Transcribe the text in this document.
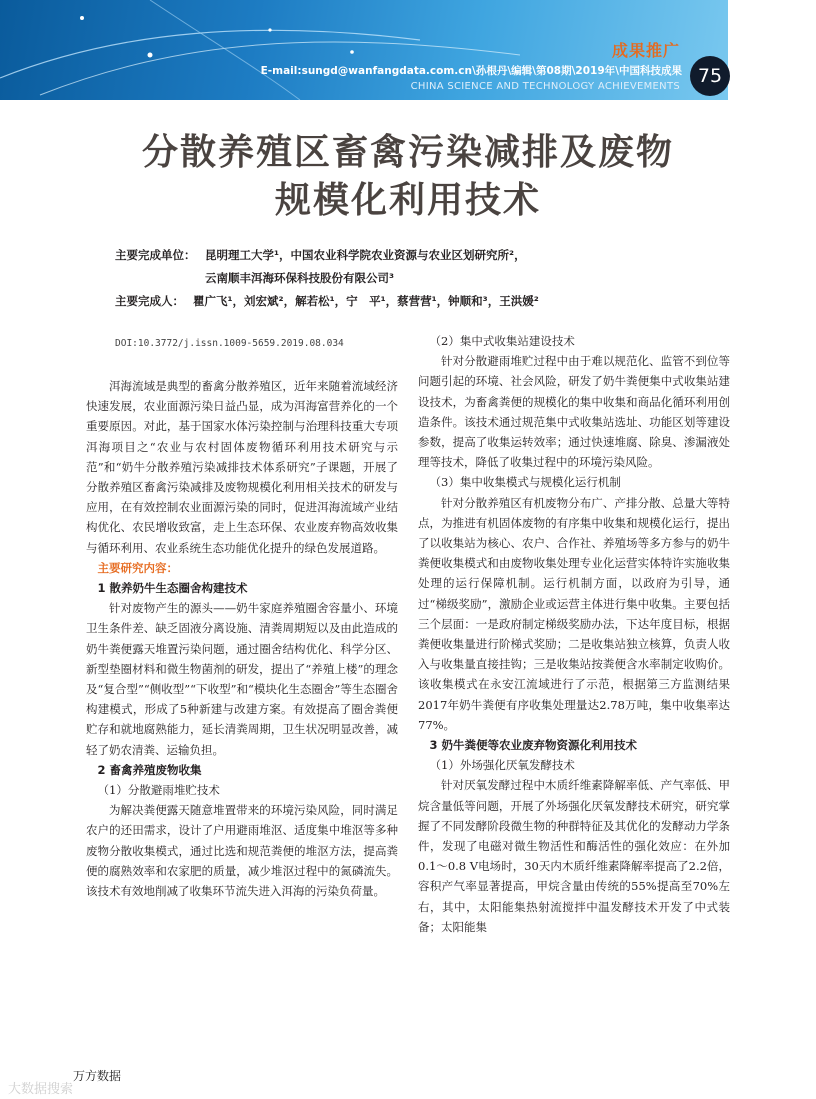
成果推广
E-mail:sungd@wanfangdata.com.cn\孙根丹\编辑\第08期\2019年\中国科技成果
CHINA SCIENCE AND TECHNOLOGY ACHIEVEMENTS 75
分散养殖区畜禽污染减排及废物
规模化利用技术
主要完成单位： 昆明理工大学¹，中国农业科学院农业资源与农业区划研究所²，
云南顺丰洱海环保科技股份有限公司³
主要完成人： 瞿广飞¹，刘宏斌²，解若松¹，宁　平¹，蔡营营¹，钟顺和³，王洪媛²
DOI:10.3772/j.issn.1009-5659.2019.08.034

洱海流域是典型的畜禽分散养殖区，近年来随着流域经济快速发展，农业面源污染日益凸显，成为洱海富营养化的一个重要原因。对此，基于国家水体污染控制与治理科技重大专项洱海项目之“农业与农村固体废物循环利用技术研究与示范”和“奶牛分散养殖污染减排技术体系研究”子课题，开展了分散养殖区畜禽污染减排及废物规模化利用相关技术的研发与应用，在有效控制农业面源污染的同时，促进洱海流域产业结构优化、农民增收致富，走上生态环保、农业废弃物高效收集与循环利用、农业系统生态功能优化提升的绿色发展道路。

主要研究内容：

1 散养奶牛生态圈舍构建技术

针对废物产生的源头——奶牛家庭养殖圈舍容量小、环境卫生条件差、缺乏固液分离设施、清粪周期短以及由此造成的奶牛粪便露天堆置污染问题，通过圈舍结构优化、科学分区、新型垫圈材料和微生物菌剂的研发，提出了“养殖上楼”的理念及“复合型”“侧收型”“下收型”和“模块化生态圈舍”等生态圈舍构建模式，形成了5种新建与改建方案。有效提高了圈舍粪便贮存和就地腐熟能力，延长清粪周期，卫生状况明显改善，减轻了奶农清粪、运输负担。

2 畜禽养殖废物收集

（1）分散避雨堆贮技术

为解决粪便露天随意堆置带来的环境污染风险，同时满足农户的还田需求，设计了户用避雨堆沤、适度集中堆沤等多种废物分散收集模式，通过比选和规范粪便的堆沤方法，提高粪便的腐熟效率和农家肥的质量，减少堆沤过程中的氮磷流失。该技术有效地削减了收集环节流失进入洱海的污染负荷量。

（2）集中式收集站建设技术

针对分散避雨堆贮过程中由于难以规范化、监管不到位等问题引起的环境、社会风险，研发了奶牛粪便集中式收集站建设技术，为畜禽粪便的规模化的集中收集和商品化循环利用创造条件。该技术通过规范集中式收集站选址、功能区划等建设参数，提高了收集运转效率；通过快速堆腐、除臭、渗漏液处理等技术，降低了收集过程中的环境污染风险。

（3）集中收集模式与规模化运行机制

针对分散养殖区有机废物分布广、产排分散、总量大等特点，为推进有机固体废物的有序集中收集和规模化运行，提出了以收集站为核心、农户、合作社、养殖场等多方参与的奶牛粪便收集模式和由废物收集处理专业化运营实体特许实施收集处理的运行保障机制。运行机制方面，以政府为引导，通过“梯级奖励”，激励企业或运营主体进行集中收集。主要包括三个层面：一是政府制定梯级奖励办法，下达年度目标，根据粪便收集量进行阶梯式奖励；二是收集站独立核算，负责人收入与收集量直接挂钩；三是收集站按粪便含水率制定收购价。该收集模式在永安江流域进行了示范，根据第三方监测结果2017年奶牛粪便有序收集处理量达2.78万吨，集中收集率达77%。

3 奶牛粪便等农业废弃物资源化利用技术

（1）外场强化厌氧发酵技术

针对厌氧发酵过程中木质纤维素降解率低、产气率低、甲烷含量低等问题，开展了外场强化厌氧发酵技术研究，研究掌握了不同发酵阶段微生物的种群特征及其优化的发酵动力学条件，发现了电磁对微生物活性和酶活性的强化效应：在外加0.1～0.8 V电场时，30天内木质纤维素降解率提高了2.2倍，容积产气率显著提高，甲烷含量由传统的55%提高至70%左右，其中，太阳能集热射流搅拌中温发酵技术开发了中式装备；太阳能集

万方数据
大数据搜索
